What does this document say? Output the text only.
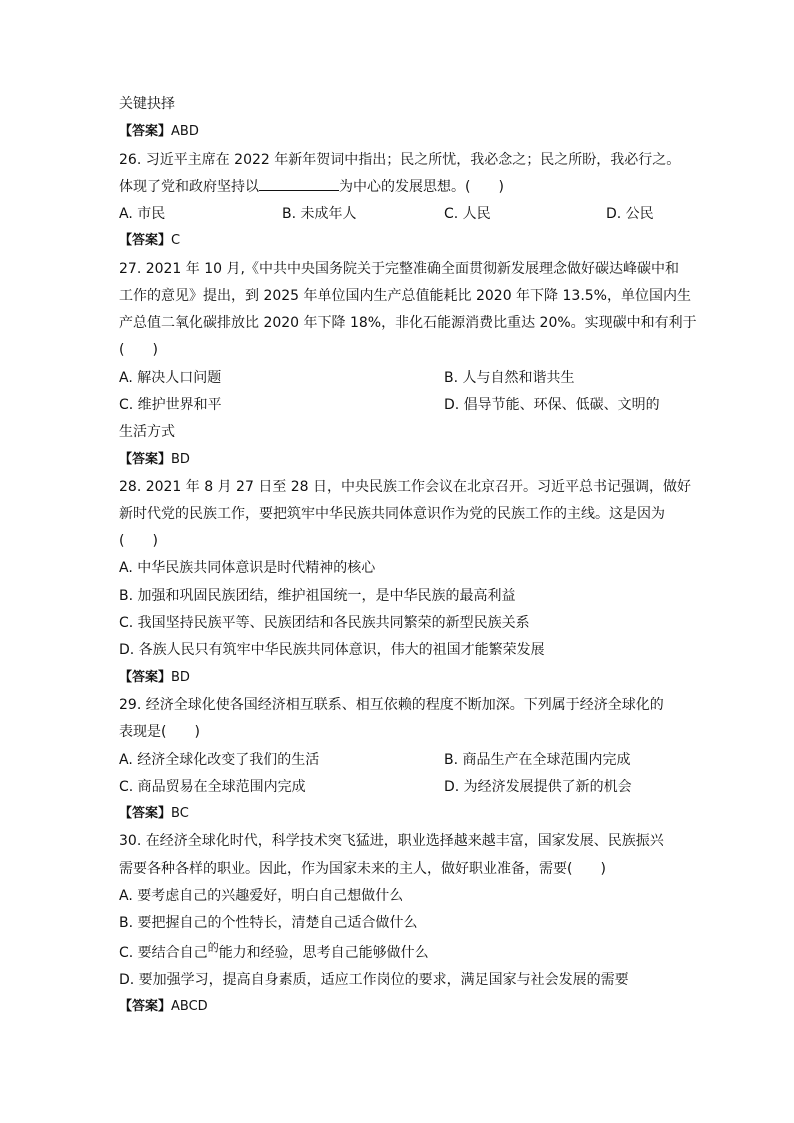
关键抉择
【答案】ABD
26. 习近平主席在 2022 年新年贺词中指出；民之所忧，我必念之；民之所盼，我必行之。
体现了党和政府坚持以	为中心的发展思想。(　　)
A. 市民	B. 未成年人	C. 人民	D. 公民
【答案】C
27. 2021 年 10 月,《中共中央国务院关于完整准确全面贯彻新发展理念做好碳达峰碳中和
工作的意见》提出，到 2025 年单位国内生产总值能耗比 2020 年下降 13.5%，单位国内生
产总值二氧化碳排放比 2020 年下降 18%，非化石能源消费比重达 20%。实现碳中和有利于
(　　)
A. 解决人口问题	B. 人与自然和谐共生
C. 维护世界和平	D. 倡导节能、环保、低碳、文明的
生活方式
【答案】BD
28. 2021 年 8 月 27 日至 28 日，中央民族工作会议在北京召开。习近平总书记强调，做好
新时代党的民族工作，要把筑牢中华民族共同体意识作为党的民族工作的主线。这是因为
(　　)
A. 中华民族共同体意识是时代精神的核心
B. 加强和巩固民族团结，维护祖国统一，是中华民族的最高利益
C. 我国坚持民族平等、民族团结和各民族共同繁荣的新型民族关系
D. 各族人民只有筑牢中华民族共同体意识，伟大的祖国才能繁荣发展
【答案】BD
29. 经济全球化使各国经济相互联系、相互依赖的程度不断加深。下列属于经济全球化的
表现是(　　)
A. 经济全球化改变了我们的生活	B. 商品生产在全球范围内完成
C. 商品贸易在全球范围内完成	D. 为经济发展提供了新的机会
【答案】BC
30. 在经济全球化时代，科学技术突飞猛进，职业选择越来越丰富，国家发展、民族振兴
需要各种各样的职业。因此，作为国家未来的主人，做好职业准备，需要(　　)
A. 要考虑自己的兴趣爱好，明白自己想做什么
B. 要把握自己的个性特长，清楚自己适合做什么
C. 要结合自己$^的$能力和经验，思考自己能够做什么
D. 要加强学习，提高自身素质，适应工作岗位的要求，满足国家与社会发展的需要
【答案】ABCD
